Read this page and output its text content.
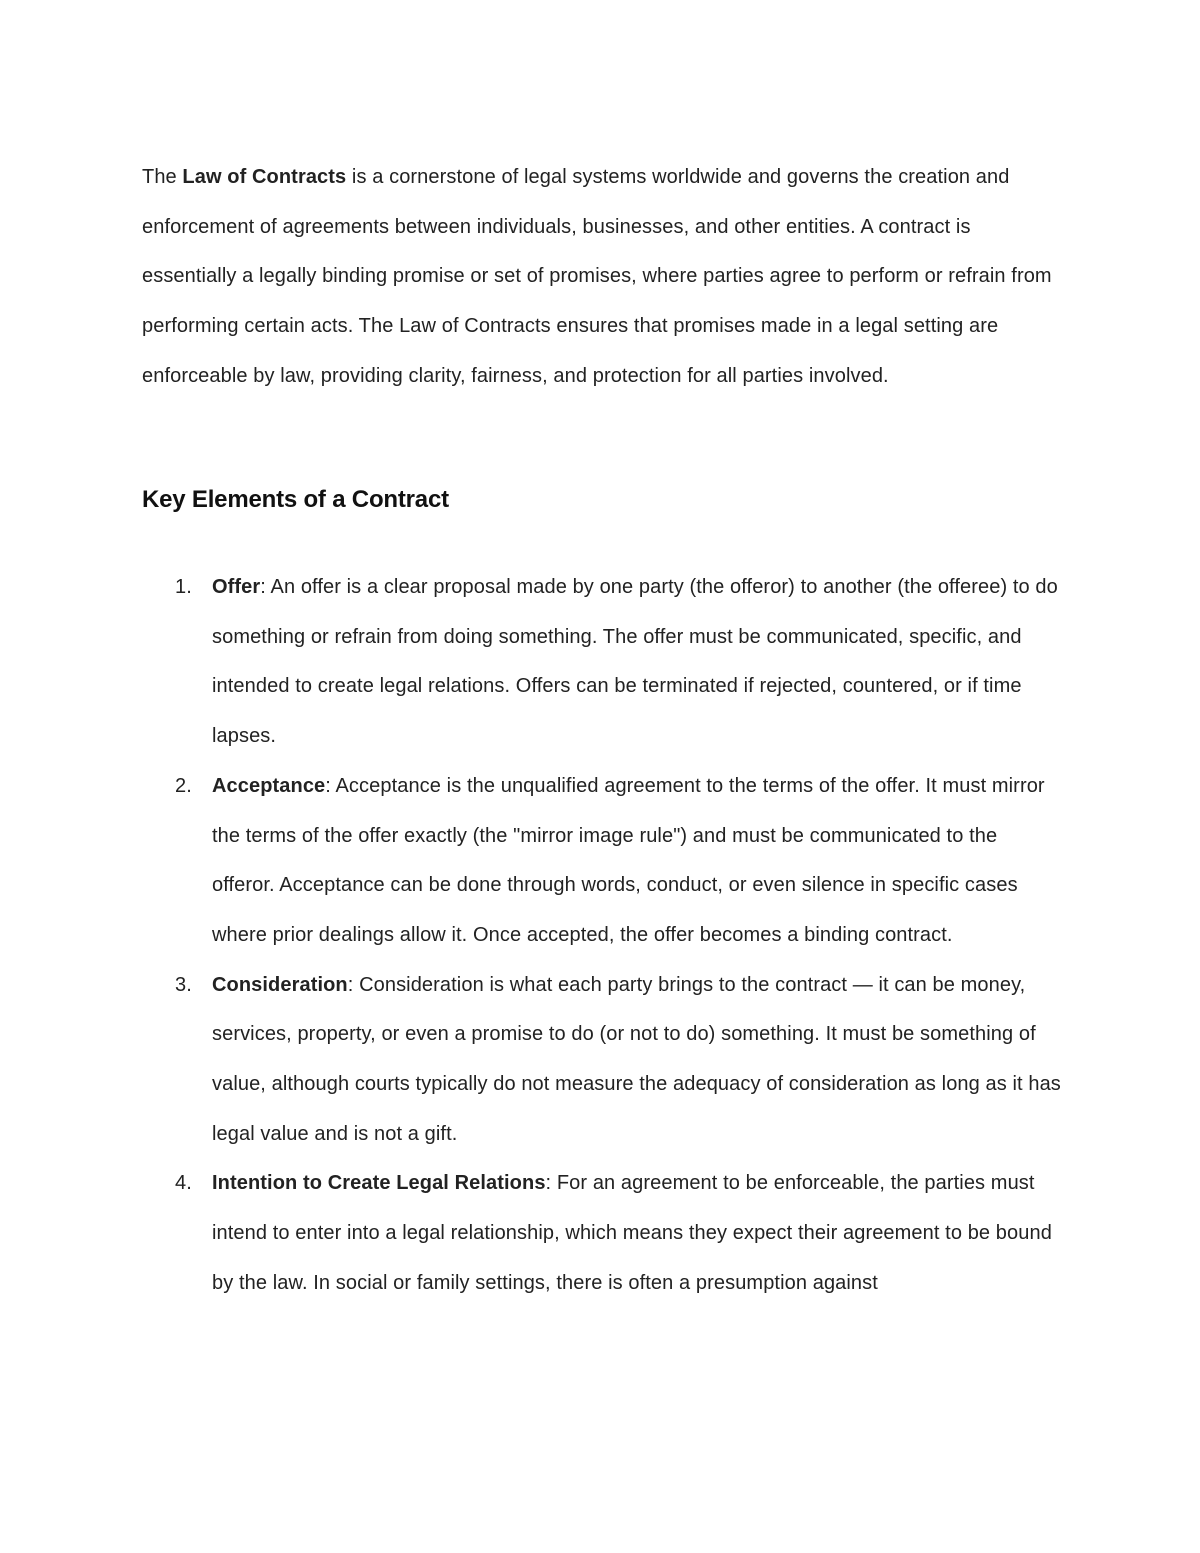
The Law of Contracts is a cornerstone of legal systems worldwide and governs the creation and enforcement of agreements between individuals, businesses, and other entities. A contract is essentially a legally binding promise or set of promises, where parties agree to perform or refrain from performing certain acts. The Law of Contracts ensures that promises made in a legal setting are enforceable by law, providing clarity, fairness, and protection for all parties involved.

Key Elements of a Contract
1. Offer: An offer is a clear proposal made by one party (the offeror) to another (the offeree) to do something or refrain from doing something. The offer must be communicated, specific, and intended to create legal relations. Offers can be terminated if rejected, countered, or if time lapses.
2. Acceptance: Acceptance is the unqualified agreement to the terms of the offer. It must mirror the terms of the offer exactly (the "mirror image rule") and must be communicated to the offeror. Acceptance can be done through words, conduct, or even silence in specific cases where prior dealings allow it. Once accepted, the offer becomes a binding contract.
3. Consideration: Consideration is what each party brings to the contract — it can be money, services, property, or even a promise to do (or not to do) something. It must be something of value, although courts typically do not measure the adequacy of consideration as long as it has legal value and is not a gift.
4. Intention to Create Legal Relations: For an agreement to be enforceable, the parties must intend to enter into a legal relationship, which means they expect their agreement to be bound by the law. In social or family settings, there is often a presumption against
